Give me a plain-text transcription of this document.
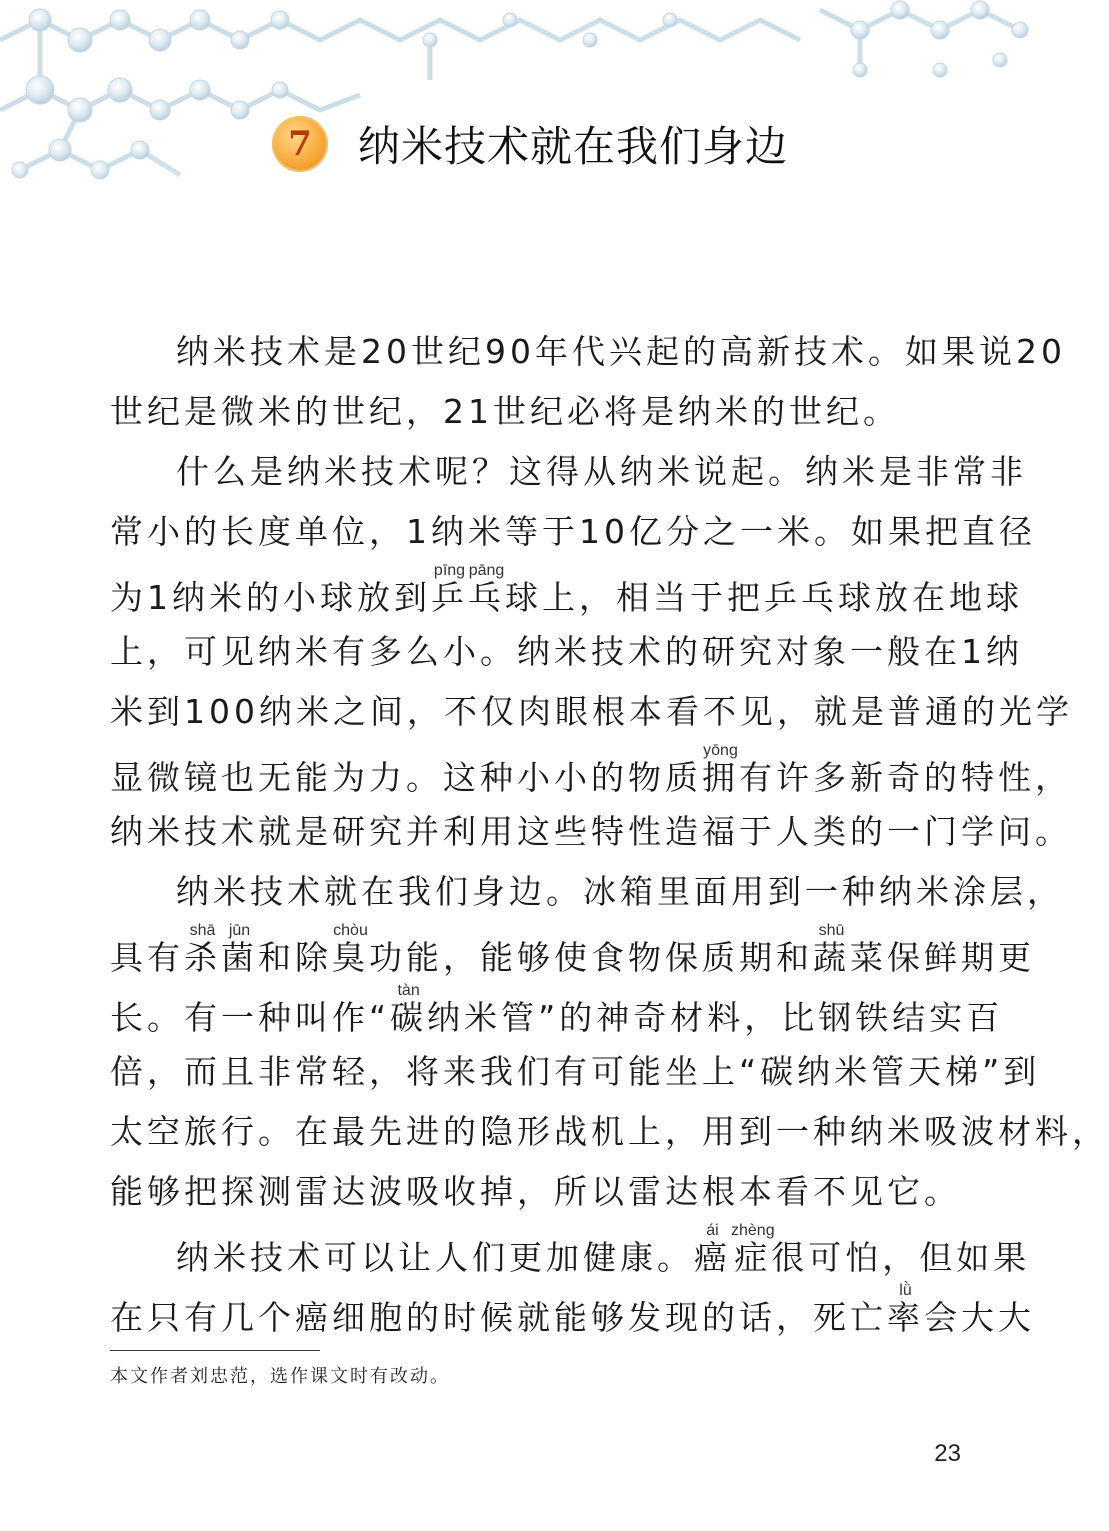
7	纳米技术就在我们身边
纳米技术是20世纪90年代兴起的高新技术。如果说20
世纪是微米的世纪，21世纪必将是纳米的世纪。
什么是纳米技术呢？这得从纳米说起。纳米是非常非
常小的长度单位，1纳米等于10亿分之一米。如果把直径
为1纳米的小球放到乒pīng乓pāng球上，相当于把乒乓球放在地球
上，可见纳米有多么小。纳米技术的研究对象一般在1纳
米到100纳米之间，不仅肉眼根本看不见，就是普通的光学
显微镜也无能为力。这种小小的物质拥yōng有许多新奇的特性，
纳米技术就是研究并利用这些特性造福于人类的一门学问。
纳米技术就在我们身边。冰箱里面用到一种纳米涂层，
具有杀shā菌jūn和除臭chòu功能，能够使食物保质期和蔬shū菜保鲜期更
长。有一种叫作“碳tàn纳米管”的神奇材料，比钢铁结实百
倍，而且非常轻，将来我们有可能坐上“碳纳米管天梯”到
太空旅行。在最先进的隐形战机上，用到一种纳米吸波材料，
能够把探测雷达波吸收掉，所以雷达根本看不见它。
纳米技术可以让人们更加健康。癌ái症zhèng很可怕，但如果
在只有几个癌细胞的时候就能够发现的话，死亡率lǜ会大大
本文作者刘忠范，选作课文时有改动。
23
